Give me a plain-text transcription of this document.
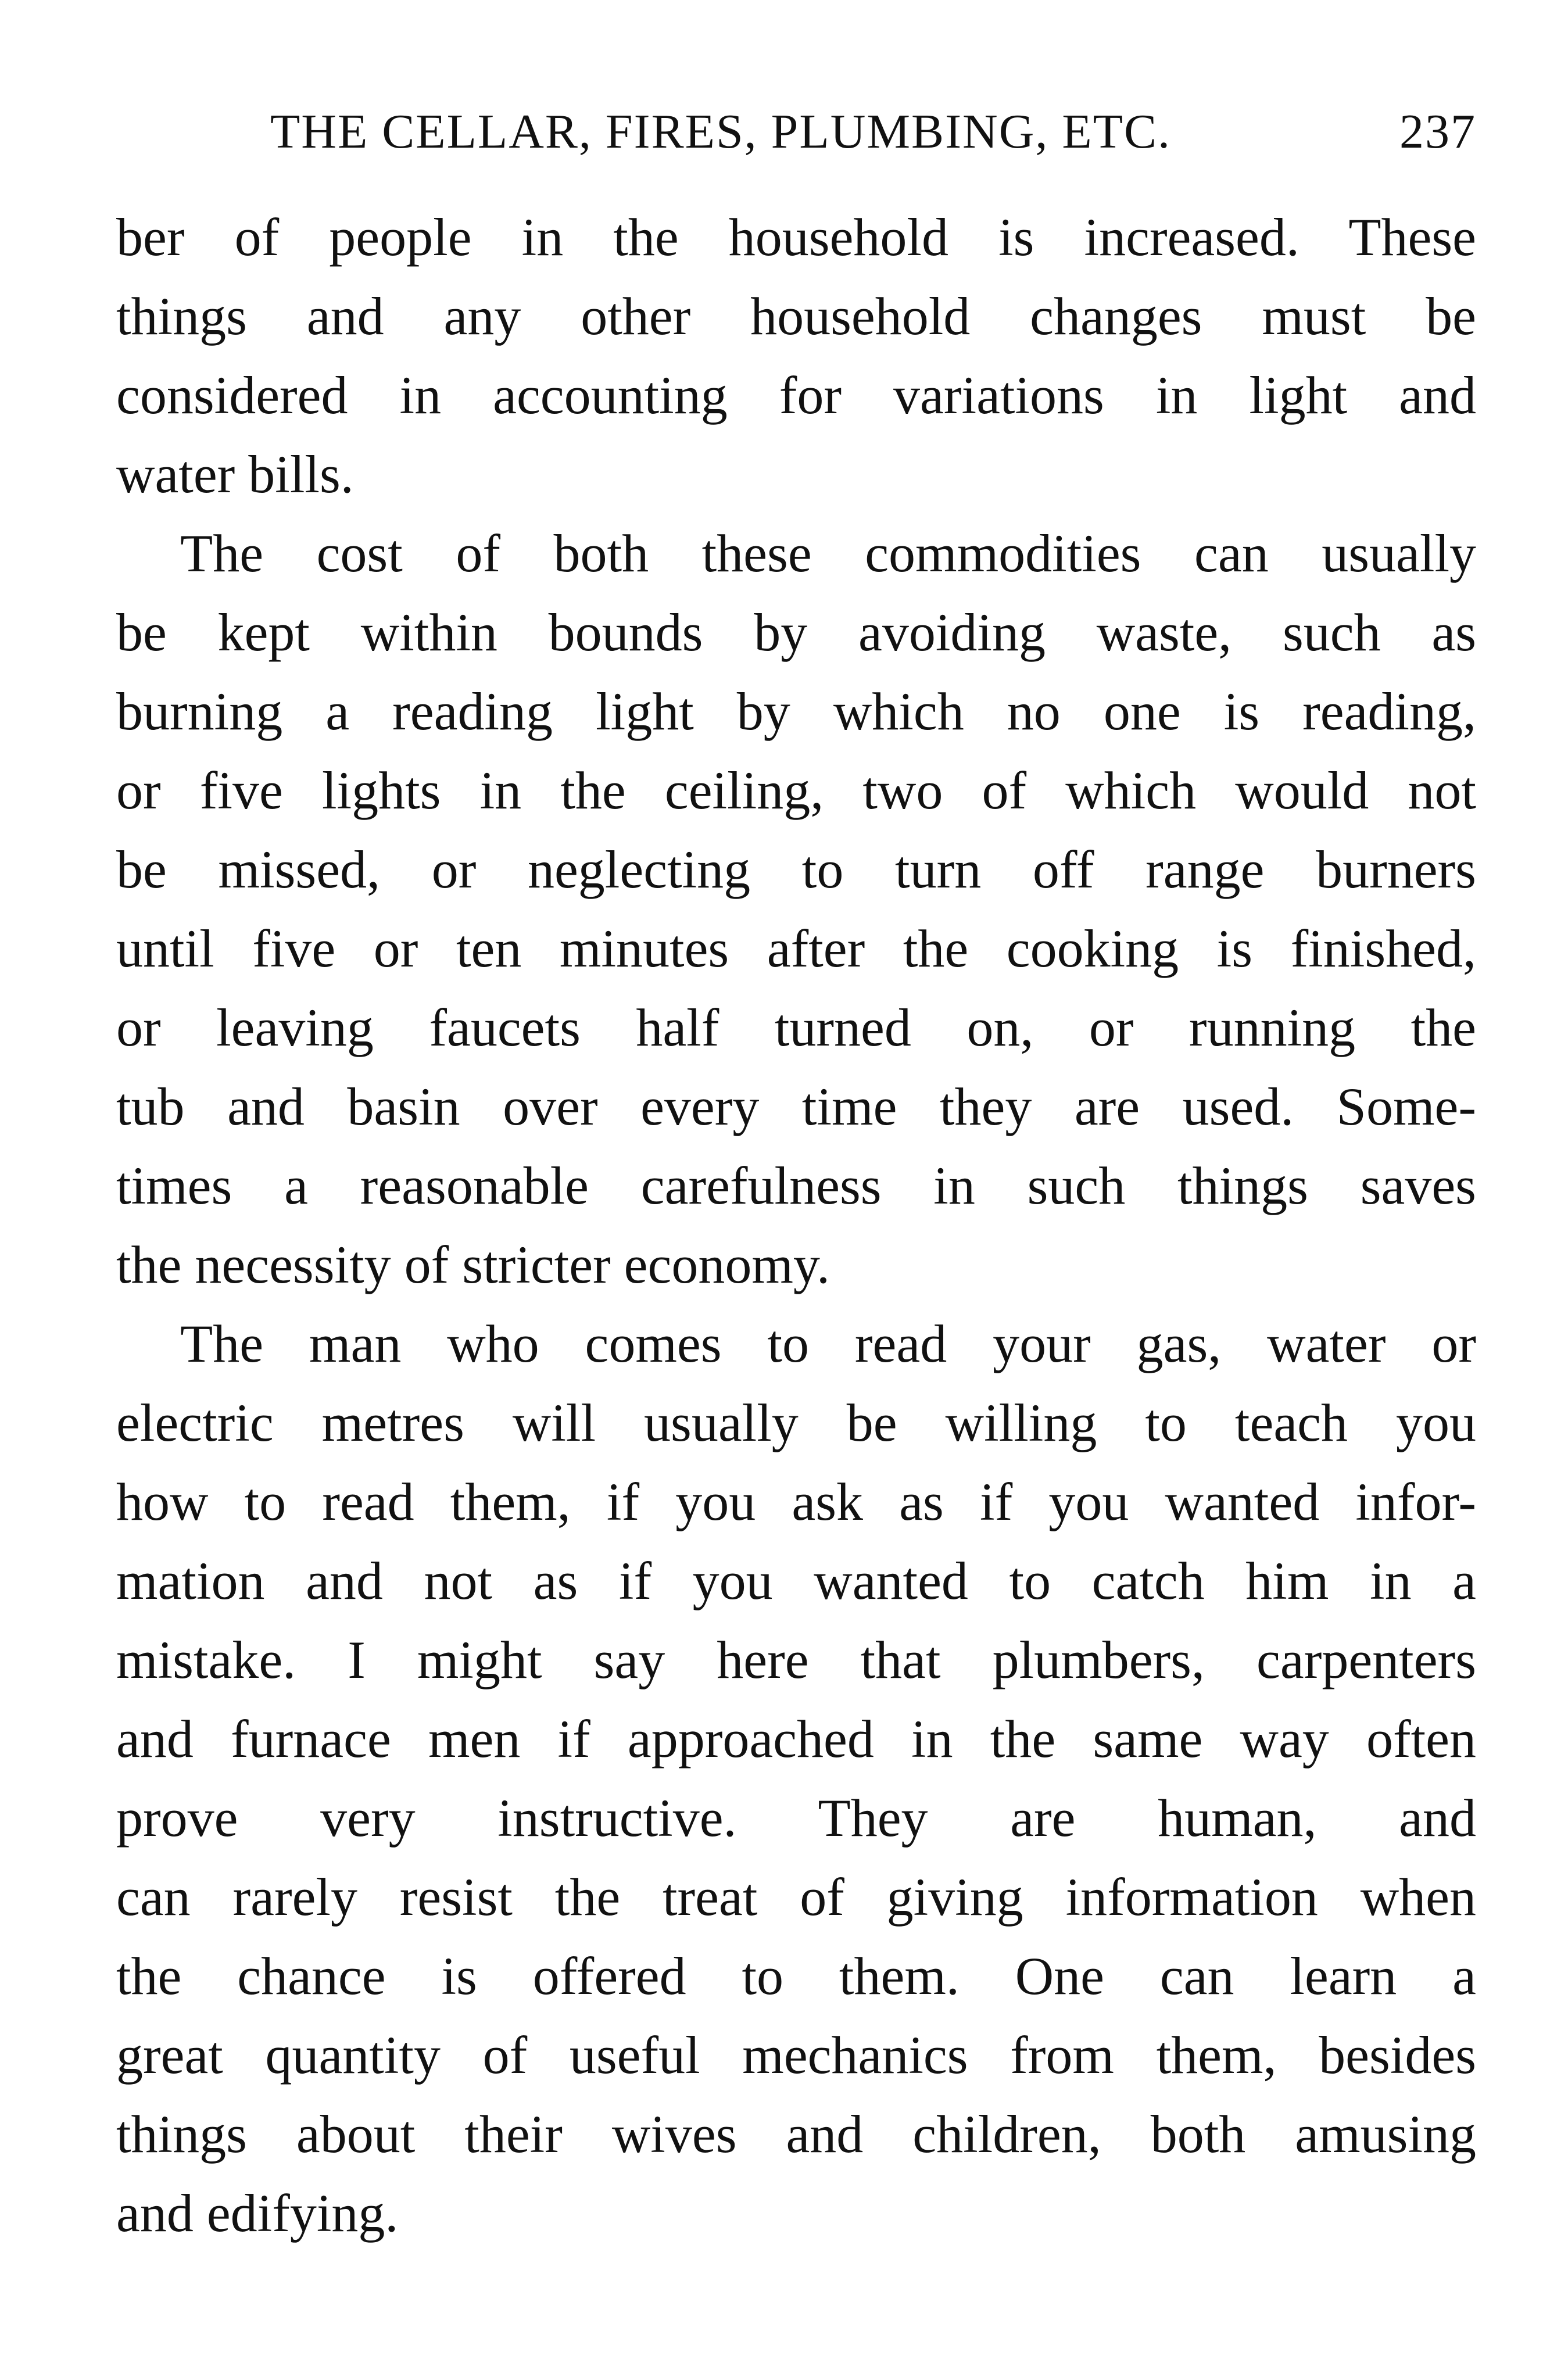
THE CELLAR, FIRES, PLUMBING, ETC.	237
ber of people in the household is increased. These
things and any other household changes must be
considered in accounting for variations in light and
water bills.
The cost of both these commodities can usually
be kept within bounds by avoiding waste, such as
burning a reading light by which no one is reading,
or five lights in the ceiling, two of which would not
be missed, or neglecting to turn off range burners
until five or ten minutes after the cooking is finished,
or leaving faucets half turned on, or running the
tub and basin over every time they are used. Some-
times a reasonable carefulness in such things saves
the necessity of stricter economy.
The man who comes to read your gas, water or
electric metres will usually be willing to teach you
how to read them, if you ask as if you wanted infor-
mation and not as if you wanted to catch him in a
mistake. I might say here that plumbers, carpenters
and furnace men if approached in the same way often
prove very instructive. They are human, and
can rarely resist the treat of giving information when
the chance is offered to them. One can learn a
great quantity of useful mechanics from them, besides
things about their wives and children, both amusing
and edifying.
